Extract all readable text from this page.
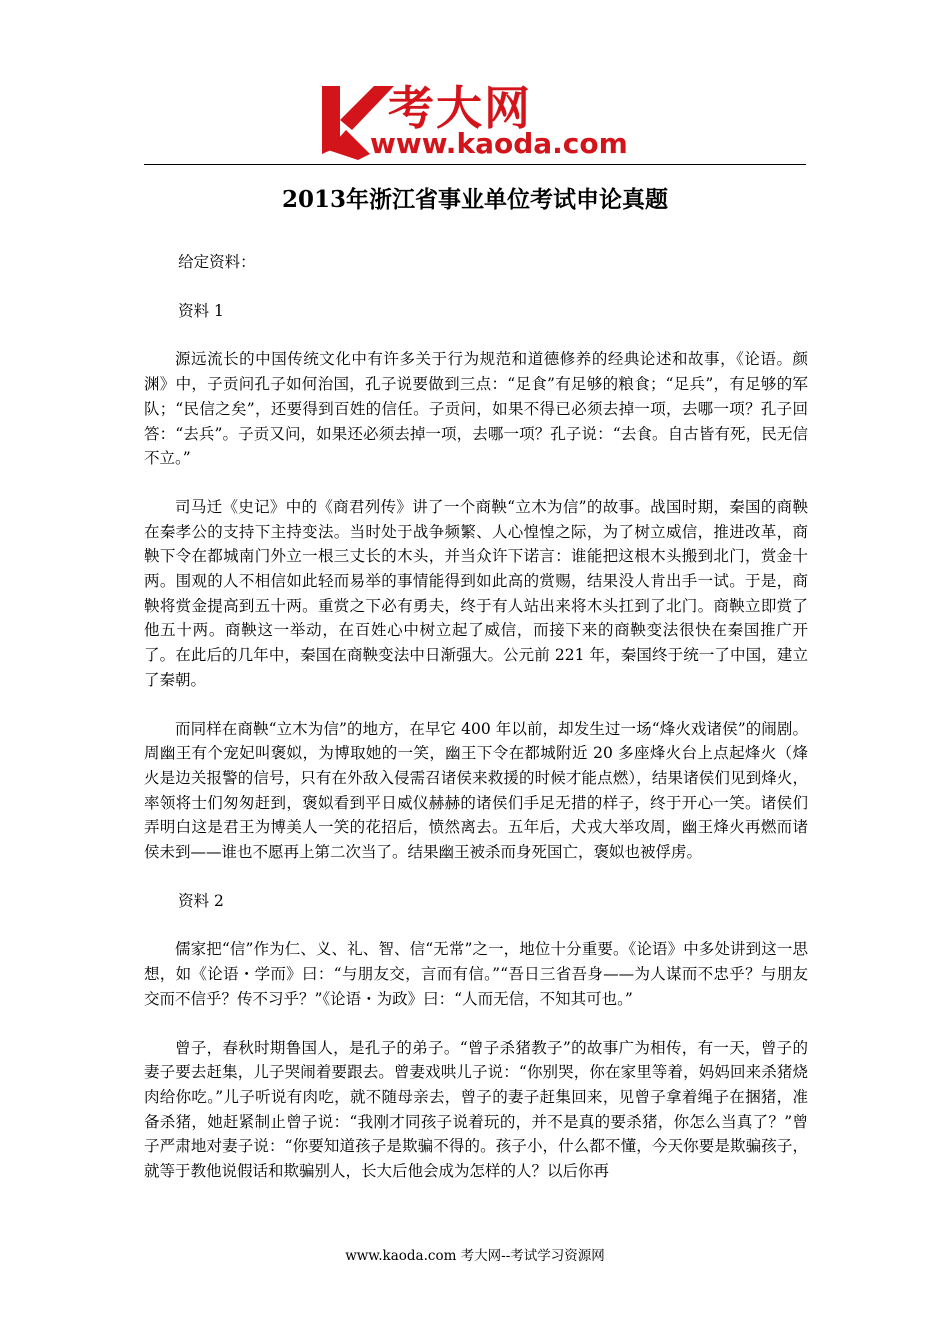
考大网
www.kaoda.com
2013年浙江省事业单位考试申论真题

给定资料：

资料 1

源远流长的中国传统文化中有许多关于行为规范和道德修养的经典论述和故事，《论语。颜渊》中，子贡问孔子如何治国，孔子说要做到三点：“足食”有足够的粮食；“足兵”，有足够的军队；“民信之矣”，还要得到百姓的信任。子贡问，如果不得已必须去掉一项，去哪一项？孔子回答：“去兵”。子贡又问，如果还必须去掉一项，去哪一项？孔子说：“去食。自古皆有死，民无信不立。”

司马迁《史记》中的《商君列传》讲了一个商鞅“立木为信”的故事。战国时期，秦国的商鞅在秦孝公的支持下主持变法。当时处于战争频繁、人心惶惶之际，为了树立威信，推进改革，商鞅下令在都城南门外立一根三丈长的木头，并当众许下诺言：谁能把这根木头搬到北门，赏金十两。围观的人不相信如此轻而易举的事情能得到如此高的赏赐，结果没人肯出手一试。于是，商鞅将赏金提高到五十两。重赏之下必有勇夫，终于有人站出来将木头扛到了北门。商鞅立即赏了他五十两。商鞅这一举动，在百姓心中树立起了威信，而接下来的商鞅变法很快在秦国推广开了。在此后的几年中，秦国在商鞅变法中日渐强大。公元前 221 年，秦国终于统一了中国，建立了秦朝。

而同样在商鞅“立木为信”的地方，在早它 400 年以前，却发生过一场“烽火戏诸侯”的闹剧。周幽王有个宠妃叫褒姒，为博取她的一笑，幽王下令在都城附近 20 多座烽火台上点起烽火（烽火是边关报警的信号，只有在外敌入侵需召诸侯来救援的时候才能点燃），结果诸侯们见到烽火，率领将士们匆匆赶到，褒姒看到平日威仪赫赫的诸侯们手足无措的样子，终于开心一笑。诸侯们弄明白这是君王为博美人一笑的花招后，愤然离去。五年后，犬戎大举攻周，幽王烽火再燃而诸侯未到——谁也不愿再上第二次当了。结果幽王被杀而身死国亡，褒姒也被俘虏。

资料 2

儒家把“信”作为仁、义、礼、智、信“无常”之一，地位十分重要。《论语》中多处讲到这一思想，如《论语・学而》曰：“与朋友交，言而有信。”“吾日三省吾身——为人谋而不忠乎？与朋友交而不信乎？传不习乎？”《论语・为政》曰：“人而无信，不知其可也。”

曾子，春秋时期鲁国人，是孔子的弟子。“曾子杀猪教子”的故事广为相传，有一天，曾子的妻子要去赶集，儿子哭闹着要跟去。曾妻戏哄儿子说：“你别哭，你在家里等着，妈妈回来杀猪烧肉给你吃。”儿子听说有肉吃，就不随母亲去，曾子的妻子赶集回来，见曾子拿着绳子在捆猪，准备杀猪，她赶紧制止曾子说：“我刚才同孩子说着玩的，并不是真的要杀猪，你怎么当真了？”曾子严肃地对妻子说：“你要知道孩子是欺骗不得的。孩子小，什么都不懂，今天你要是欺骗孩子，就等于教他说假话和欺骗别人，长大后他会成为怎样的人？以后你再

www.kaoda.com 考大网--考试学习资源网
